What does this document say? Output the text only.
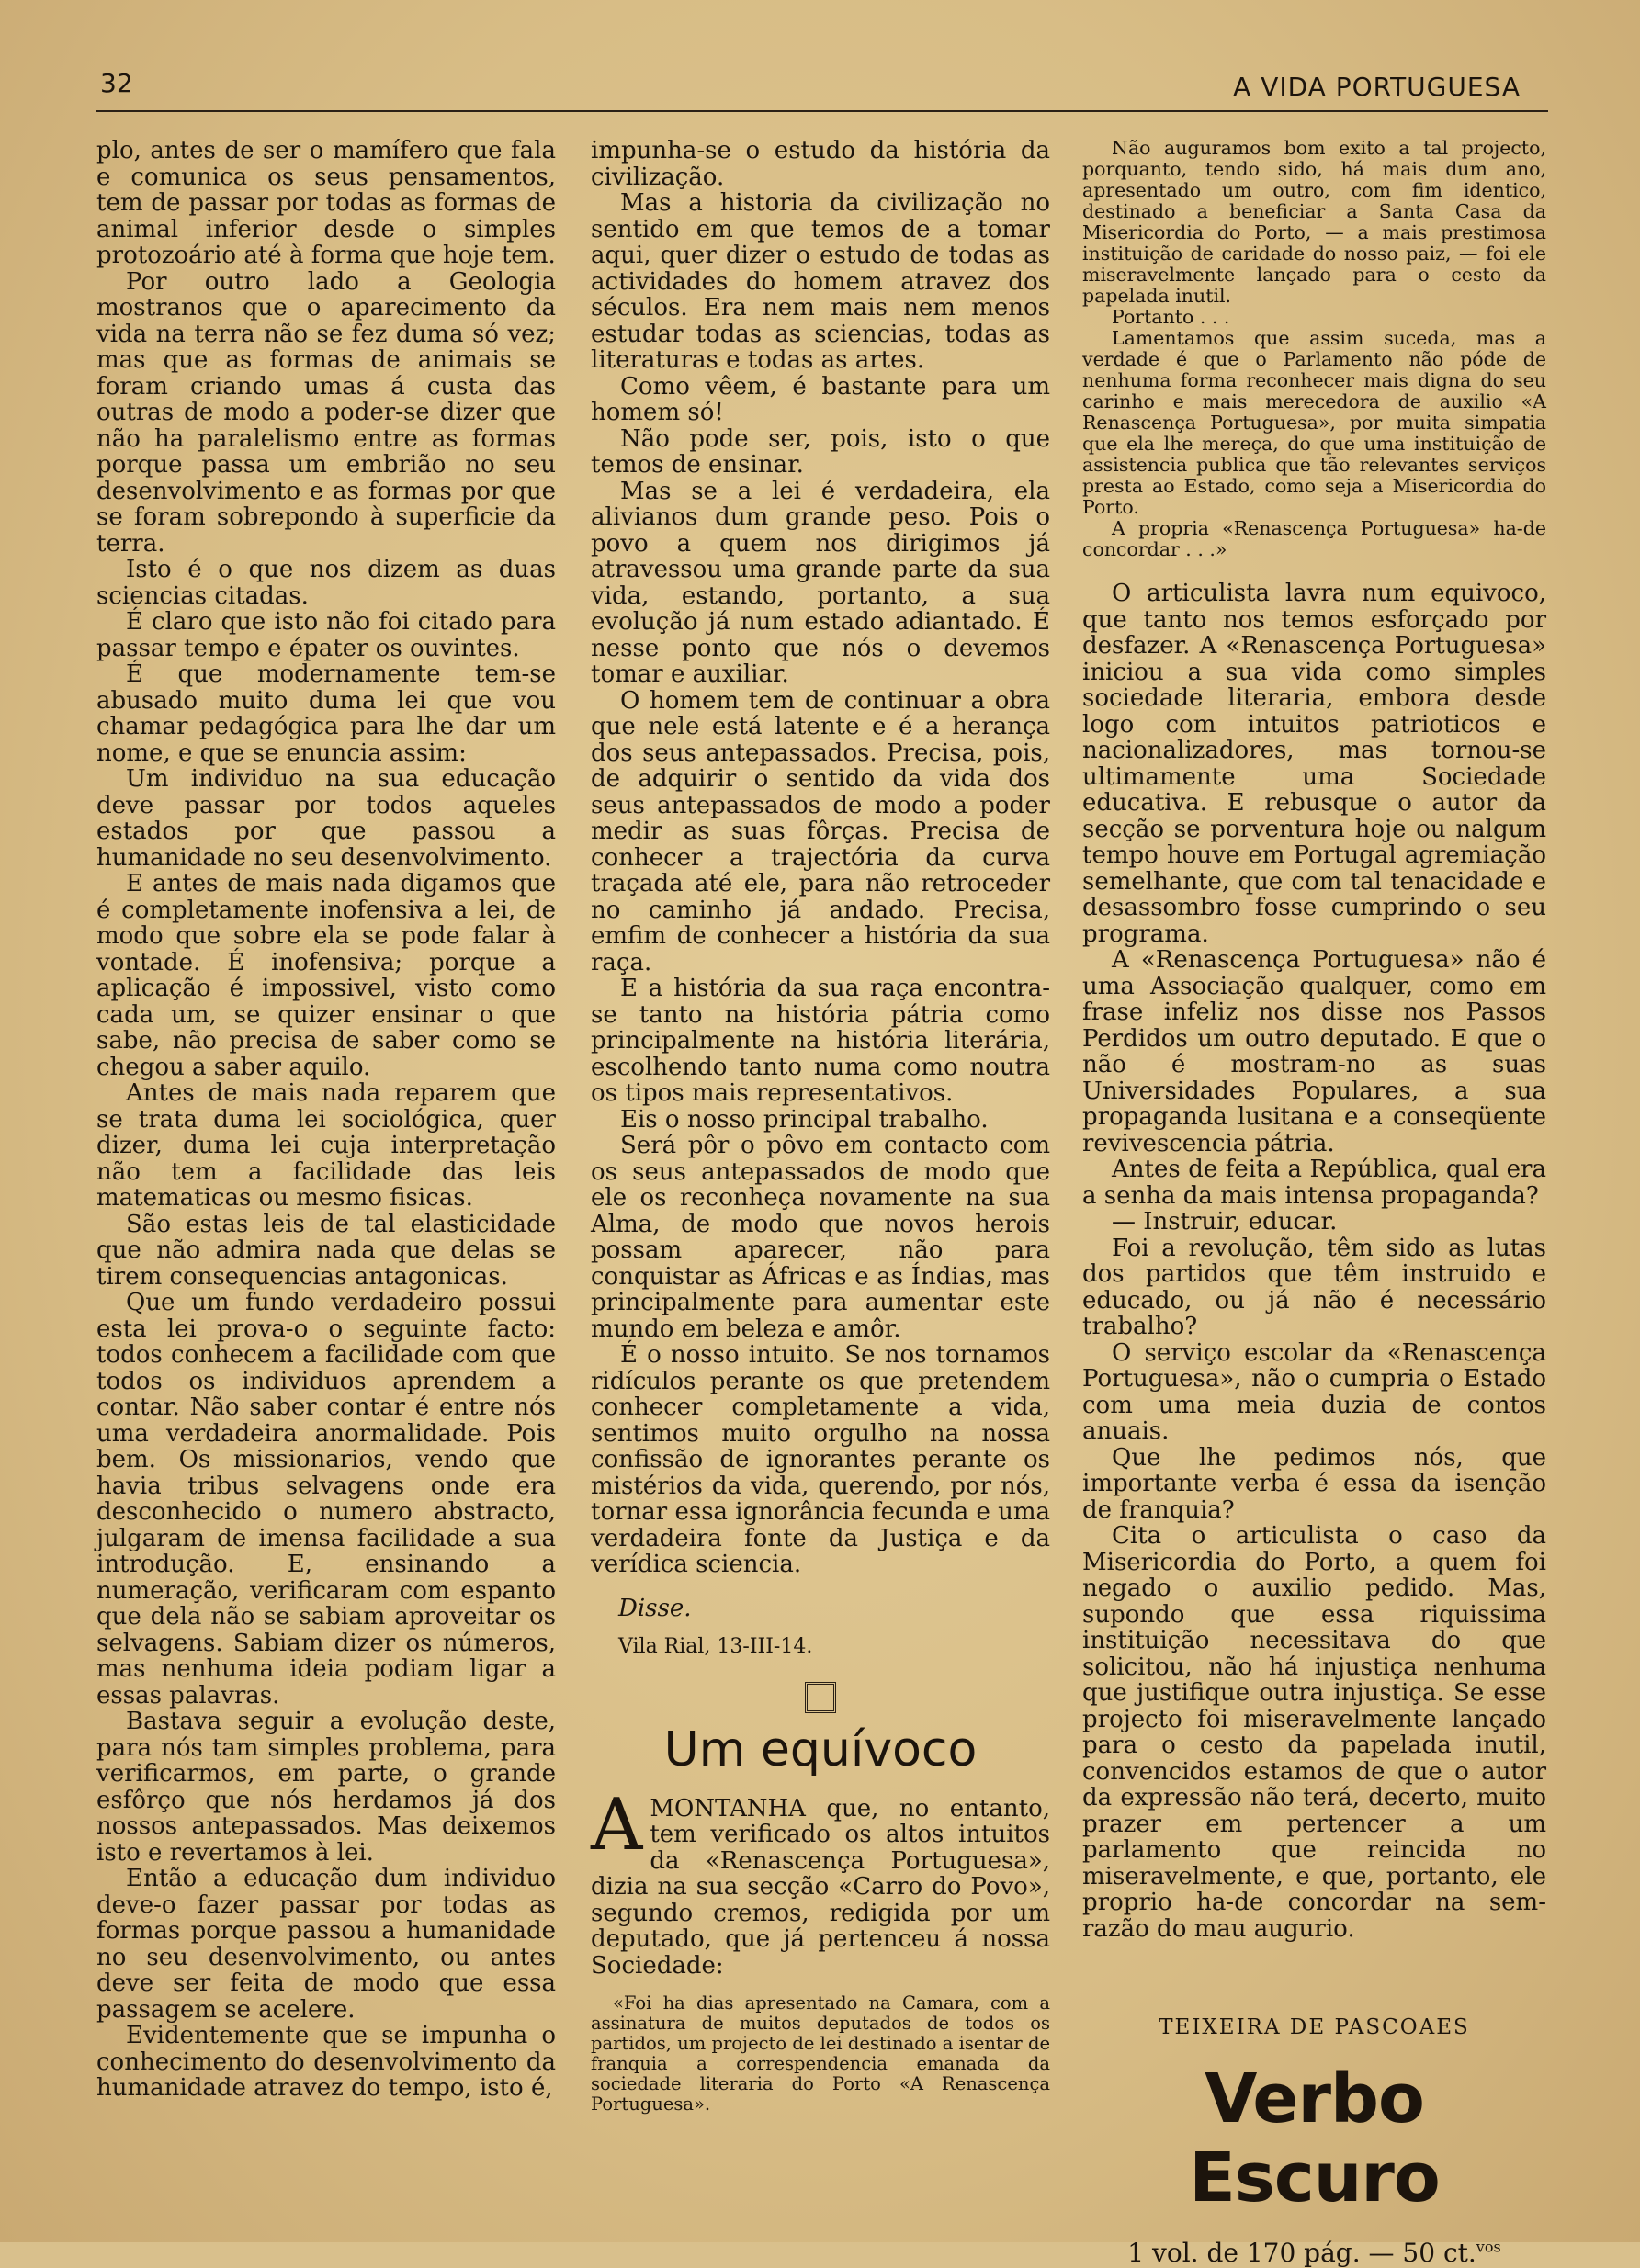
32	A VIDA PORTUGUESA

plo, antes de ser o mamífero que fala e comunica os seus pensamentos, tem de passar por todas as formas de animal inferior desde o simples protozoário até à forma que hoje tem.

Por outro lado a Geologia mostranos que o aparecimento da vida na terra não se fez duma só vez; mas que as formas de animais se foram criando umas á custa das outras de modo a poder-se dizer que não ha paralelismo entre as formas porque passa um embrião no seu desenvolvimento e as formas por que se foram sobrepondo à superficie da terra.

Isto é o que nos dizem as duas sciencias citadas.

É claro que isto não foi citado para passar tempo e épater os ouvintes.

É que modernamente tem-se abusado muito duma lei que vou chamar pedagógica para lhe dar um nome, e que se enuncia assim:

Um individuo na sua educação deve passar por todos aqueles estados por que passou a humanidade no seu desenvolvimento.

E antes de mais nada digamos que é completamente inofensiva a lei, de modo que sobre ela se pode falar à vontade. É inofensiva; porque a aplicação é impossivel, visto como cada um, se quizer ensinar o que sabe, não precisa de saber como se chegou a saber aquilo.

Antes de mais nada reparem que se trata duma lei sociológica, quer dizer, duma lei cuja interpretação não tem a facilidade das leis matematicas ou mesmo fisicas.

São estas leis de tal elasticidade que não admira nada que delas se tirem consequencias antagonicas.

Que um fundo verdadeiro possui esta lei prova-o o seguinte facto: todos conhecem a facilidade com que todos os individuos aprendem a contar. Não saber contar é entre nós uma verdadeira anormalidade. Pois bem. Os missionarios, vendo que havia tribus selvagens onde era desconhecido o numero abstracto, julgaram de imensa facilidade a sua introdução. E, ensinando a numeração, verificaram com espanto que dela não se sabiam aproveitar os selvagens. Sabiam dizer os números, mas nenhuma ideia podiam ligar a essas palavras.

Bastava seguir a evolução deste, para nós tam simples problema, para verificarmos, em parte, o grande esfôrço que nós herdamos já dos nossos antepassados. Mas deixemos isto e revertamos à lei.

Então a educação dum individuo deve-o fazer passar por todas as formas porque passou a humanidade no seu desenvolvimento, ou antes deve ser feita de modo que essa passagem se acelere.

Evidentemente que se impunha o conhecimento do desenvolvimento da humanidade atravez do tempo, isto é,

impunha-se o estudo da história da civilização.

Mas a historia da civilização no sentido em que temos de a tomar aqui, quer dizer o estudo de todas as actividades do homem atravez dos séculos. Era nem mais nem menos estudar todas as sciencias, todas as literaturas e todas as artes.

Como vêem, é bastante para um homem só!

Não pode ser, pois, isto o que temos de ensinar.

Mas se a lei é verdadeira, ela alivianos dum grande peso. Pois o povo a quem nos dirigimos já atravessou uma grande parte da sua vida, estando, portanto, a sua evolução já num estado adiantado. É nesse ponto que nós o devemos tomar e auxiliar.

O homem tem de continuar a obra que nele está latente e é a herança dos seus antepassados. Precisa, pois, de adquirir o sentido da vida dos seus antepassados de modo a poder medir as suas fôrças. Precisa de conhecer a trajectória da curva traçada até ele, para não retroceder no caminho já andado. Precisa, emfim de conhecer a história da sua raça.

E a história da sua raça encontra-se tanto na história pátria como principalmente na história literária, escolhendo tanto numa como noutra os tipos mais representativos.

Eis o nosso principal trabalho.

Será pôr o pôvo em contacto com os seus antepassados de modo que ele os reconheça novamente na sua Alma, de modo que novos herois possam aparecer, não para conquistar as Áfricas e as Índias, mas principalmente para aumentar este mundo em beleza e amôr.

É o nosso intuito. Se nos tornamos ridículos perante os que pretendem conhecer completamente a vida, sentimos muito orgulho na nossa confissão de ignorantes perante os mistérios da vida, querendo, por nós, tornar essa ignorância fecunda e uma verdadeira fonte da Justiça e da verídica sciencia.

Disse.
Vila Rial, 13-III-14.
Um equívoco

AMONTANHA que, no entanto, tem verificado os altos intuitos da «Renascença Portuguesa», dizia na sua secção «Carro do Povo», segundo cremos, redigida por um deputado, que já pertenceu á nossa Sociedade:

«Foi ha dias apresentado na Camara, com a assinatura de muitos deputados de todos os partidos, um projecto de lei destinado a isentar de franquia a correspendencia emanada da sociedade literaria do Porto «A Renascença Portuguesa».

Não auguramos bom exito a tal projecto, porquanto, tendo sido, há mais dum ano, apresentado um outro, com fim identico, destinado a beneficiar a Santa Casa da Misericordia do Porto, — a mais prestimosa instituição de caridade do nosso paiz, — foi ele miseravelmente lançado para o cesto da papelada inutil.

Portanto . . .

Lamentamos que assim suceda, mas a verdade é que o Parlamento não póde de nenhuma forma reconhecer mais digna do seu carinho e mais merecedora de auxilio «A Renascença Portuguesa», por muita simpatia que ela lhe mereça, do que uma instituição de assistencia publica que tão relevantes serviços presta ao Estado, como seja a Misericordia do Porto.

A propria «Renascença Portuguesa» ha-de concordar . . .»

O articulista lavra num equivoco, que tanto nos temos esforçado por desfazer. A «Renascença Portuguesa» iniciou a sua vida como simples sociedade literaria, embora desde logo com intuitos patrioticos e nacionalizadores, mas tornou-se ultimamente uma Sociedade educativa. E rebusque o autor da secção se porventura hoje ou nalgum tempo houve em Portugal agremiação semelhante, que com tal tenacidade e desassombro fosse cumprindo o seu programa.

A «Renascença Portuguesa» não é uma Associação qualquer, como em frase infeliz nos disse nos Passos Perdidos um outro deputado. E que o não é mostram-no as suas Universidades Populares, a sua propaganda lusitana e a conseqüente revivescencia pátria.

Antes de feita a República, qual era a senha da mais intensa propaganda?

— Instruir, educar.

Foi a revolução, têm sido as lutas dos partidos que têm instruido e educado, ou já não é necessário trabalho?

O serviço escolar da «Renascença Portuguesa», não o cumpria o Estado com uma meia duzia de contos anuais.

Que lhe pedimos nós, que importante verba é essa da isenção de franquia?

Cita o articulista o caso da Misericordia do Porto, a quem foi negado o auxilio pedido. Mas, supondo que essa riquissima instituição necessitava do que solicitou, não há injustiça nenhuma que justifique outra injustiça. Se esse projecto foi miseravelmente lançado para o cesto da papelada inutil, convencidos estamos de que o autor da expressão não terá, decerto, muito prazer em pertencer a um parlamento que reincida no miseravelmente, e que, portanto, ele proprio ha-de concordar na sem-razão do mau augurio.

TEIXEIRA DE PASCOAES
Verbo Escuro
1 vol. de 170 pág. — 50 ct.$^{vos}$
